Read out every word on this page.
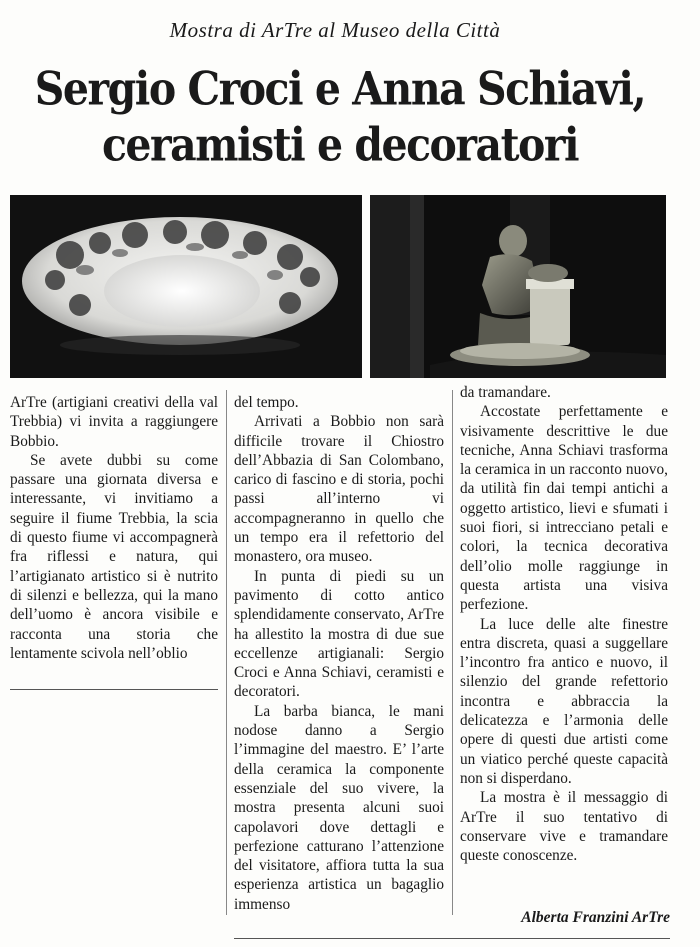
Mostra di ArTre al Museo della Città
Sergio Croci e Anna Schiavi,
ceramisti e decoratori

ArTre (artigiani creativi della val Trebbia) vi invita a raggiungere Bobbio.

Se avete dubbi su come passare una giornata diversa e interessante, vi invitiamo a seguire il fiume Trebbia, la scia di questo fiume vi accompagnerà fra riflessi e natura, qui l’artigianato artistico si è nutrito di silenzi e bellezza, qui la mano dell’uomo è ancora visibile e racconta una storia che lentamente scivola nell’oblio

del tempo.

Arrivati a Bobbio non sarà difficile trovare il Chiostro dell’Abbazia di San Colombano, carico di fascino e di storia, pochi passi all’interno vi accompagneranno in quello che un tempo era il refettorio del monastero, ora museo.

In punta di piedi su un pavimento di cotto antico splendidamente conservato, ArTre ha allestito la mostra di due sue eccellenze artigianali: Sergio Croci e Anna Schiavi, ceramisti e decoratori.

La barba bianca, le mani nodose danno a Sergio l’immagine del maestro. E’ l’arte della ceramica la componente essenziale del suo vivere, la mostra presenta alcuni suoi capolavori dove dettagli e perfezione catturano l’attenzione del visitatore, affiora tutta la sua esperienza artistica un bagaglio immenso

da tramandare.

Accostate perfettamente e visivamente descrittive le due tecniche, Anna Schiavi trasforma la ceramica in un racconto nuovo, da utilità fin dai tempi antichi a oggetto artistico, lievi e sfumati i suoi fiori, si intrecciano petali e colori, la tecnica decorativa dell’olio molle raggiunge in questa artista una visiva perfezione.

La luce delle alte finestre entra discreta, quasi a suggellare l’incontro fra antico e nuovo, il silenzio del grande refettorio incontra e abbraccia la delicatezza e l’armonia delle opere di questi due artisti come un viatico perché queste capacità non si disperdano.

La mostra è il messaggio di ArTre il suo tentativo di conservare vive e tramandare queste conoscenze.

Alberta Franzini ArTre
